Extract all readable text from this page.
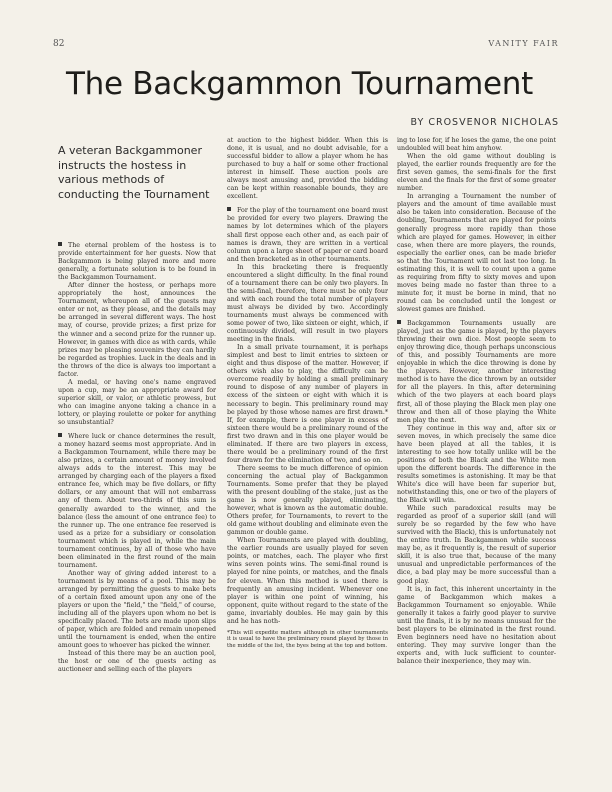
82	VANITY FAIR
The Backgammon Tournament
BY CROSVENOR NICHOLAS

A veteran Backgammoner instructs the hostess in various methods of conducting the Tournament

The eternal problem of the hostess is to provide entertainment for her guests. Now that Backgammon is being played more and more generally, a fortunate solution is to be found in the Backgammon Tournament.

After dinner the hostess, or perhaps more appropriately the host, announces the Tournament, whereupon all of the guests may enter or not, as they please, and the details may be arranged in several different ways. The host may, of course, provide prizes; a first prize for the winner and a second prize for the runner up. However, in games with dice as with cards, while prizes may be pleasing souvenirs they can hardly be regarded as trophies. Luck in the deals and in the throws of the dice is always too important a factor.

A medal, or having one's name engraved upon a cup, may be an appropriate award for superior skill, or valor, or athletic prowess, but who can imagine anyone taking a chance in a lottery, or playing roulette or poker for anything so unsubstantial?

Where luck or chance determines the result, a money hazard seems most appropriate. And in a Backgammon Tournament, while there may be also prizes, a certain amount of money involved always adds to the interest. This may be arranged by charging each of the players a fixed entrance fee, which may be five dollars, or fifty dollars, or any amount that will not embarrass any of them. About two-thirds of this sum is generally awarded to the winner, and the balance (less the amount of one entrance fee) to the runner up. The one entrance fee reserved is used as a prize for a subsidiary or consolation tournament which is played in, while the main tournament continues, by all of those who have been eliminated in the first round of the main tournament.

Another way of giving added interest to a tournament is by means of a pool. This may be arranged by permitting the guests to make bets of a certain fixed amount upon any one of the players or upon the "field," the "field," of course, including all of the players upon whom no bet is specifically placed. The bets are made upon slips of paper, which are folded and remain unopened until the tournament is ended, when the entire amount goes to whoever has picked the winner.

Instead of this there may be an auction pool, the host or one of the guests acting as auctioneer and selling each of the players

at auction to the highest bidder. When this is done, it is usual, and no doubt advisable, for a successful bidder to allow a player whom he has purchased to buy a half or some other fractional interest in himself. These auction pools are always most amusing and, provided the bidding can be kept within reasonable bounds, they are excellent.

For the play of the tournament one board must be provided for every two players. Drawing the names by lot determines which of the players shall first oppose each other and, as each pair of names is drawn, they are written in a vertical column upon a large sheet of paper or card board and then bracketed as in other tournaments.

In this bracketing there is frequently encountered a slight difficulty. In the final round of a tournament there can be only two players. In the semi-final, therefore, there must be only four and with each round the total number of players must always be divided by two. Accordingly tournaments must always be commenced with some power of two, like sixteen or eight, which, if continuously divided, will result in two players meeting in the finals.

In a small private tournament, it is perhaps simplest and best to limit entries to sixteen or eight and thus dispose of the matter. However, if others wish also to play, the difficulty can be overcome readily by holding a small preliminary round to dispose of any number of players in excess of the sixteen or eight with which it is necessary to begin. This preliminary round may be played by those whose names are first drawn.* If, for example, there is one player in excess of sixteen there would be a preliminary round of the first two drawn and in this one player would be eliminated. If there are two players in excess, there would be a preliminary round of the first four drawn for the elimination of two, and so on.

There seems to be much difference of opinion concerning the actual play of Backgammon Tournaments. Some prefer that they be played with the present doubling of the stake, just as the game is now generally played, eliminating, however, what is known as the automatic double. Others prefer, for Tournaments, to revert to the old game without doubling and eliminate even the gammon or double game.

When Tournaments are played with doubling, the earlier rounds are usually played for seven points, or matches, each. The player who first wins seven points wins. The semi-final round is played for nine points, or matches, and the finals for eleven. When this method is used there is frequently an amusing incident. Whenever one player is within one point of winning, his opponent, quite without regard to the state of the game, invariably doubles. He may gain by this and he has noth-

*This will expedite matters although in other tournaments it is usual to have the preliminary round played by those in the middle of the list, the byes being at the top and bottom.

ing to lose for, if he loses the game, the one point undoubled will beat him anyhow.

When the old game without doubling is played, the earlier rounds frequently are for the first seven games, the semi-finals for the first eleven and the finals for the first of some greater number.

In arranging a Tournament the number of players and the amount of time available must also be taken into consideration. Because of the doubling, Tournaments that are played for points generally progress more rapidly than those which are played for games. However, in either case, when there are more players, the rounds, especially the earlier ones, can be made briefer so that the Tournament will not last too long. In estimating this, it is well to count upon a game as requiring from fifty to sixty moves and upon moves being made no faster than three to a minute for, it must be borne in mind, that no round can be concluded until the longest or slowest games are finished.

Backgammon Tournaments usually are played, just as the game is played, by the players throwing their own dice. Most people seem to enjoy throwing dice, though perhaps unconscious of this, and possibly Tournaments are more enjoyable in which the dice throwing is done by the players. However, another interesting method is to have the dice thrown by an outsider for all the players. In this, after determining which of the two players at each board plays first, all of those playing the Black men play one throw and then all of those playing the White men play the next.

They continue in this way and, after six or seven moves, in which precisely the same dice have been played at all the tables, it is interesting to see how totally unlike will be the positions of both the Black and the White men upon the different boards. The difference in the results sometimes is astonishing. It may be that White's dice will have been far superior but, notwithstanding this, one or two of the players of the Black will win.

While such paradoxical results may be regarded as proof of a superior skill (and will surely be so regarded by the few who have survived with the Black), this is unfortunately not the entire truth. In Backgammon while success may be, as it frequently is, the result of superior skill, it is also true that, because of the many unusual and unpredictable performances of the dice, a bad play may be more successful than a good play.

It is, in fact, this inherent uncertainty in the game of Backgammon which makes a Backgammon Tournament so enjoyable. While generally it takes a fairly good player to survive until the finals, it is by no means unusual for the best players to be eliminated in the first round. Even beginners need have no hesitation about entering. They may survive longer than the experts and, with luck sufficient to counter-balance their inexperience, they may win.
